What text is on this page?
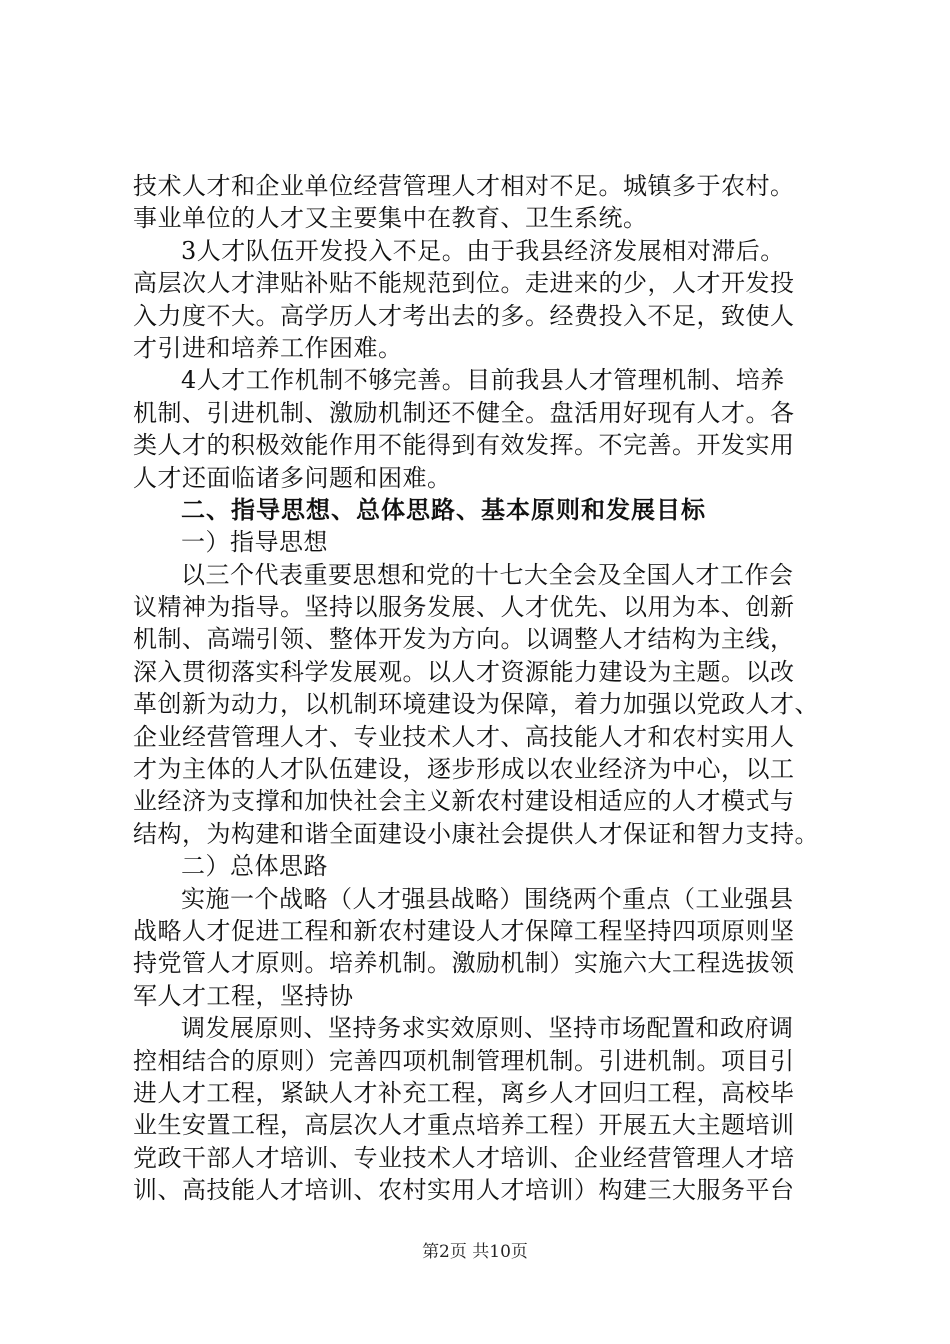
技术人才和企业单位经营管理人才相对不足。城镇多于农村。
事业单位的人才又主要集中在教育、卫生系统。
3人才队伍开发投入不足。由于我县经济发展相对滞后。
高层次人才津贴补贴不能规范到位。走进来的少，人才开发投
入力度不大。高学历人才考出去的多。经费投入不足，致使人
才引进和培养工作困难。
4人才工作机制不够完善。目前我县人才管理机制、培养
机制、引进机制、激励机制还不健全。盘活用好现有人才。各
类人才的积极效能作用不能得到有效发挥。不完善。开发实用
人才还面临诸多问题和困难。
二、指导思想、总体思路、基本原则和发展目标
一）指导思想
以三个代表重要思想和党的十七大全会及全国人才工作会
议精神为指导。坚持以服务发展、人才优先、以用为本、创新
机制、高端引领、整体开发为方向。以调整人才结构为主线，
深入贯彻落实科学发展观。以人才资源能力建设为主题。以改
革创新为动力，以机制环境建设为保障，着力加强以党政人才、
企业经营管理人才、专业技术人才、高技能人才和农村实用人
才为主体的人才队伍建设，逐步形成以农业经济为中心，以工
业经济为支撑和加快社会主义新农村建设相适应的人才模式与
结构，为构建和谐全面建设小康社会提供人才保证和智力支持。
二）总体思路
实施一个战略（人才强县战略）围绕两个重点（工业强县
战略人才促进工程和新农村建设人才保障工程坚持四项原则坚
持党管人才原则。培养机制。激励机制）实施六大工程选拔领
军人才工程，坚持协
调发展原则、坚持务求实效原则、坚持市场配置和政府调
控相结合的原则）完善四项机制管理机制。引进机制。项目引
进人才工程，紧缺人才补充工程，离乡人才回归工程，高校毕
业生安置工程，高层次人才重点培养工程）开展五大主题培训
党政干部人才培训、专业技术人才培训、企业经营管理人才培
训、高技能人才培训、农村实用人才培训）构建三大服务平台
第2页 共10页
